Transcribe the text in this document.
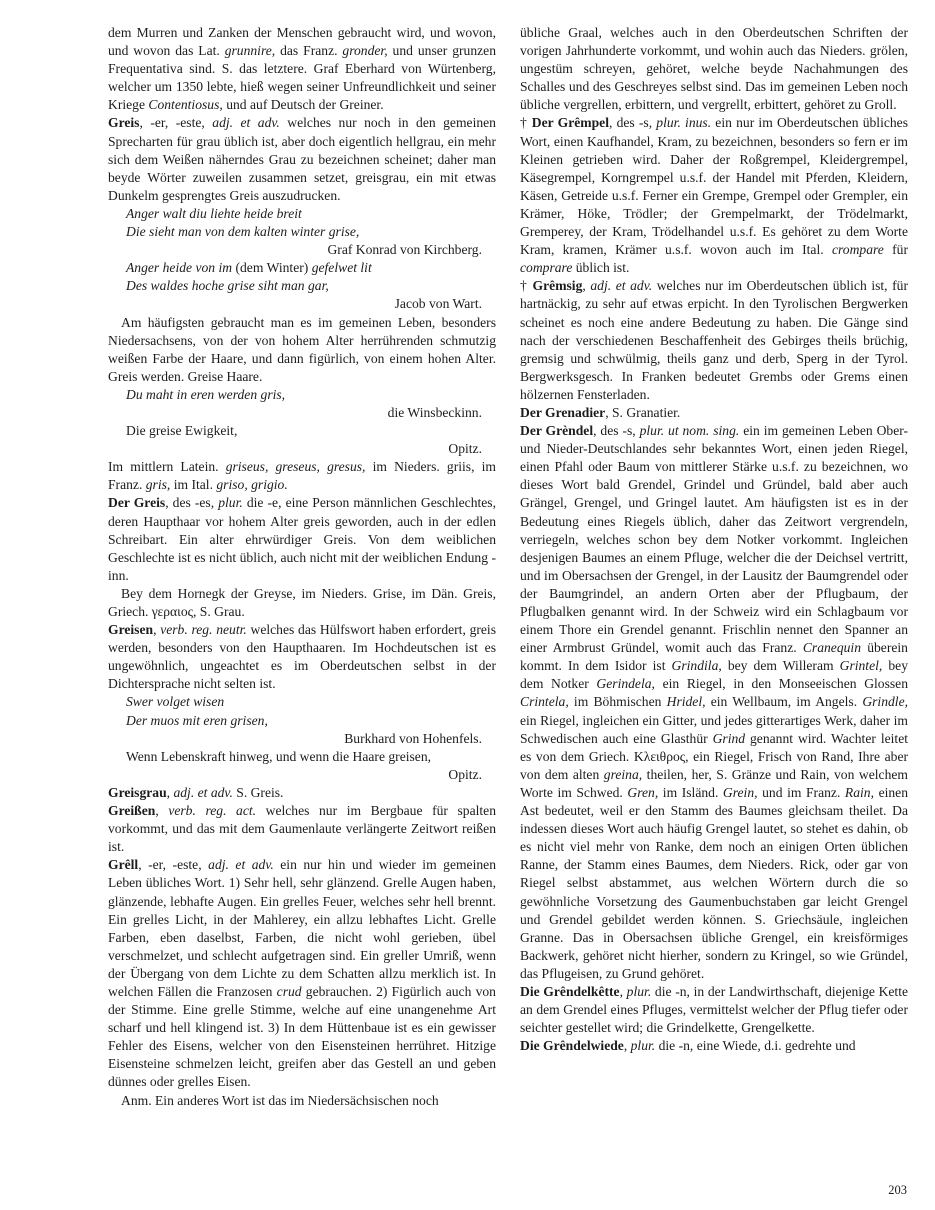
dem Murren und Zanken der Menschen gebraucht wird, und wovon, und wovon das Lat. grunnire, das Franz. gronder, und unser grunzen Frequentativa sind. S. das letztere. Graf Eberhard von Würtenberg, welcher um 1350 lebte, hieß wegen seiner Unfreundlichkeit und seiner Kriege Contentiosus, und auf Deutsch der Greiner.
Greis, -er, -este, adj. et adv. welches nur noch in den gemeinen Sprecharten für grau üblich ist, aber doch eigentlich hellgrau, ein mehr sich dem Weißen näherndes Grau zu bezeichnen scheinet; daher man beyde Wörter zuweilen zusammen setzet, greisgrau, ein mit etwas Dunkelm gesprengtes Greis auszudrucken.
Anger walt diu liehte heide breit
Die sieht man von dem kalten winter grise,
Graf Konrad von Kirchberg.
Anger heide von im (dem Winter) gefelwet lit
Des waldes hoche grise siht man gar,
Jacob von Wart.
Am häufigsten gebraucht man es im gemeinen Leben, besonders Niedersachsens, von der von hohem Alter herrührenden schmutzig weißen Farbe der Haare, und dann figürlich, von einem hohen Alter. Greis werden. Greise Haare.
Du maht in eren werden gris,
die Winsbeckinn.
Die greise Ewigkeit,
Opitz.
Im mittlern Latein. griseus, greseus, gresus, im Nieders. griis, im Franz. gris, im Ital. griso, grigio.
Der Greis, des -es, plur. die -e, eine Person männlichen Geschlechtes, deren Haupthaar vor hohem Alter greis geworden, auch in der edlen Schreibart. Ein alter ehrwürdiger Greis. Von dem weiblichen Geschlechte ist es nicht üblich, auch nicht mit der weiblichen Endung -inn.
Bey dem Hornegk der Greyse, im Nieders. Grise, im Dän. Greis, Griech. γεραιος, S. Grau.
Greisen, verb. reg. neutr. welches das Hülfswort haben erfordert, greis werden, besonders von den Haupthaaren. Im Hochdeutschen ist es ungewöhnlich, ungeachtet es im Oberdeutschen selbst in der Dichtersprache nicht selten ist.
Swer volget wisen
Der muos mit eren grisen,
Burkhard von Hohenfels.
Wenn Lebenskraft hinweg, und wenn die Haare greisen,
Opitz.
Greisgrau, adj. et adv. S. Greis.
Greißen, verb. reg. act. welches nur im Bergbaue für spalten vorkommt, und das mit dem Gaumenlaute verlängerte Zeitwort reißen ist.
Grêll, -er, -este, adj. et adv. ein nur hin und wieder im gemeinen Leben übliches Wort. 1) Sehr hell, sehr glänzend. Grelle Augen haben, glänzende, lebhafte Augen. Ein grelles Feuer, welches sehr hell brennt. Ein grelles Licht, in der Mahlerey, ein allzu lebhaftes Licht. Grelle Farben, eben daselbst, Farben, die nicht wohl gerieben, übel verschmelzet, und schlecht aufgetragen sind. Ein greller Umriß, wenn der Übergang von dem Lichte zu dem Schatten allzu merklich ist. In welchen Fällen die Franzosen crud gebrauchen. 2) Figürlich auch von der Stimme. Eine grelle Stimme, welche auf eine unangenehme Art scharf und hell klingend ist. 3) In dem Hüttenbaue ist es ein gewisser Fehler des Eisens, welcher von den Eisensteinen herrühret. Hitzige Eisensteine schmelzen leicht, greifen aber das Gestell an und geben dünnes oder grelles Eisen.
Anm. Ein anderes Wort ist das im Niedersächsischen noch
übliche Graal, welches auch in den Oberdeutschen Schriften der vorigen Jahrhunderte vorkommt, und wohin auch das Nieders. grölen, ungestüm schreyen, gehöret, welche beyde Nachahmungen des Schalles und des Geschreyes selbst sind. Das im gemeinen Leben noch übliche vergrellen, erbittern, und vergrellt, erbittert, gehöret zu Groll.
† Der Grêmpel, des -s, plur. inus. ein nur im Oberdeutschen übliches Wort, einen Kaufhandel, Kram, zu bezeichnen, besonders so fern er im Kleinen getrieben wird. Daher der Roßgrempel, Kleidergrempel, Käsegrempel, Korngrempel u.s.f. der Handel mit Pferden, Kleidern, Käsen, Getreide u.s.f. Ferner ein Grempe, Grempel oder Grempler, ein Krämer, Höke, Trödler; der Grempelmarkt, der Trödelmarkt, Gremperey, der Kram, Trödelhandel u.s.f. Es gehöret zu dem Worte Kram, kramen, Krämer u.s.f. wovon auch im Ital. crompare für comprare üblich ist.
† Grêmsig, adj. et adv. welches nur im Oberdeutschen üblich ist, für hartnäckig, zu sehr auf etwas erpicht. In den Tyrolischen Bergwerken scheinet es noch eine andere Bedeutung zu haben. Die Gänge sind nach der verschiedenen Beschaffenheit des Gebirges theils brüchig, gremsig und schwülmig, theils ganz und derb, Sperg in der Tyrol. Bergwerksgesch. In Franken bedeutet Grembs oder Grems einen hölzernen Fensterladen.
Der Grenadier, S. Granatier.
Der Grèndel, des -s, plur. ut nom. sing. ein im gemeinen Leben Ober- und Nieder-Deutschlandes sehr bekanntes Wort, einen jeden Riegel, einen Pfahl oder Baum von mittlerer Stärke u.s.f. zu bezeichnen, wo dieses Wort bald Grendel, Grindel und Gründel, bald aber auch Grängel, Grengel, und Gringel lautet. Am häufigsten ist es in der Bedeutung eines Riegels üblich, daher das Zeitwort vergrendeln, verriegeln, welches schon bey dem Notker vorkommt. Ingleichen desjenigen Baumes an einem Pfluge, welcher die der Deichsel vertritt, und im Obersachsen der Grengel, in der Lausitz der Baumgrendel oder der Baumgrindel, an andern Orten aber der Pflugbaum, der Pflugbalken genannt wird. In der Schweiz wird ein Schlagbaum vor einem Thore ein Grendel genannt. Frischlin nennet den Spanner an einer Armbrust Gründel, womit auch das Franz. Cranequin überein kommt. In dem Isidor ist Grindila, bey dem Willeram Grintel, bey dem Notker Gerindela, ein Riegel, in den Monseeischen Glossen Crintela, im Böhmischen Hridel, ein Wellbaum, im Angels. Grindle, ein Riegel, ingleichen ein Gitter, und jedes gitterartiges Werk, daher im Schwedischen auch eine Glasthür Grind genannt wird. Wachter leitet es von dem Griech. Κλειθρος, ein Riegel, Frisch von Rand, Ihre aber von dem alten greina, theilen, her, S. Gränze und Rain, von welchem Worte im Schwed. Gren, im Isländ. Grein, und im Franz. Rain, einen Ast bedeutet, weil er den Stamm des Baumes gleichsam theilet. Da indessen dieses Wort auch häufig Grengel lautet, so stehet es dahin, ob es nicht viel mehr von Ranke, dem noch an einigen Orten üblichen Ranne, der Stamm eines Baumes, dem Nieders. Rick, oder gar von Riegel selbst abstammet, aus welchen Wörtern durch die so gewöhnliche Vorsetzung des Gaumenbuchstaben gar leicht Grengel und Grendel gebildet werden können. S. Griechsäule, ingleichen Granne. Das in Obersachsen übliche Grengel, ein kreisförmiges Backwerk, gehöret nicht hierher, sondern zu Kringel, so wie Gründel, das Pflugeisen, zu Grund gehöret.
Die Grêndelkêtte, plur. die -n, in der Landwirthschaft, diejenige Kette an dem Grendel eines Pfluges, vermittelst welcher der Pflug tiefer oder seichter gestellet wird; die Grindelkette, Grengelkette.
Die Grêndelwiede, plur. die -n, eine Wiede, d.i. gedrehte und
203
